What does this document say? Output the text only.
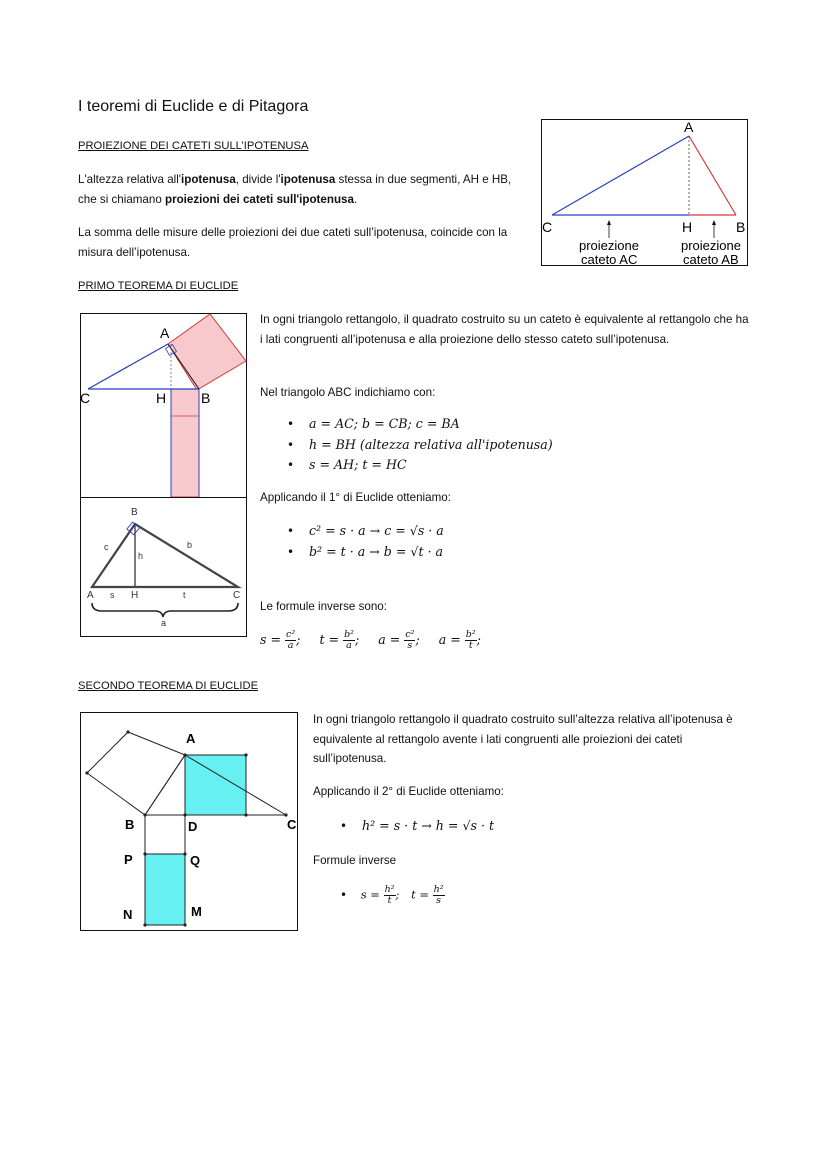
I teoremi di Euclide e di Pitagora
PROIEZIONE DEI CATETI SULL’IPOTENUSA
L'altezza relativa all'ipotenusa, divide l'ipotenusa stessa in due segmenti, AH e HB, che si chiamano proiezioni dei cateti sull'ipotenusa.
La somma delle misure delle proiezioni dei due cateti sull’ipotenusa, coincide con la misura dell’ipotenusa.
A
C	H	B
proiezione
cateto AC
proiezione
cateto AB
PRIMO TEOREMA DI EUCLIDE
A
C	H B
B
A	H	C
c	b
h
s	t
a
In ogni triangolo rettangolo, il quadrato costruito su un cateto è equivalente al rettangolo che ha i lati congruenti all’ipotenusa e alla proiezione dello stesso cateto sull’ipotenusa.
Nel triangolo ABC indichiamo con:
• a = AC; b = CB; c = BA
• h = BH (altezza relativa all'ipotenusa)
• s = AH; t = HC
Applicando il 1° di Euclide otteniamo:
• c² = s · a → c = √s · a
• b² = t · a → b = √t · a
Le formule inverse sono:
$s = \frac{\text{c²}}{a}$ ; $t = \frac{\text{b²}}{a}$ ; $a = \frac{\text{c²}}{s}$ ; $a = \frac{\text{b²}}{t}$ ;
SECONDO TEOREMA DI EUCLIDE
A
B	C
D
P	Q
N	M
In ogni triangolo rettangolo il quadrato costruito sull’altezza relativa all’ipotenusa è equivalente al rettangolo avente i lati congruenti alle proiezioni dei cateti sull’ipotenusa.
Applicando il 2° di Euclide otteniamo:
• h² = s · t → h = √s · t
Formule inverse
• $s = \frac{\text{h²}}{t}$ ; $t = \frac{\text{h²}}{s}$
